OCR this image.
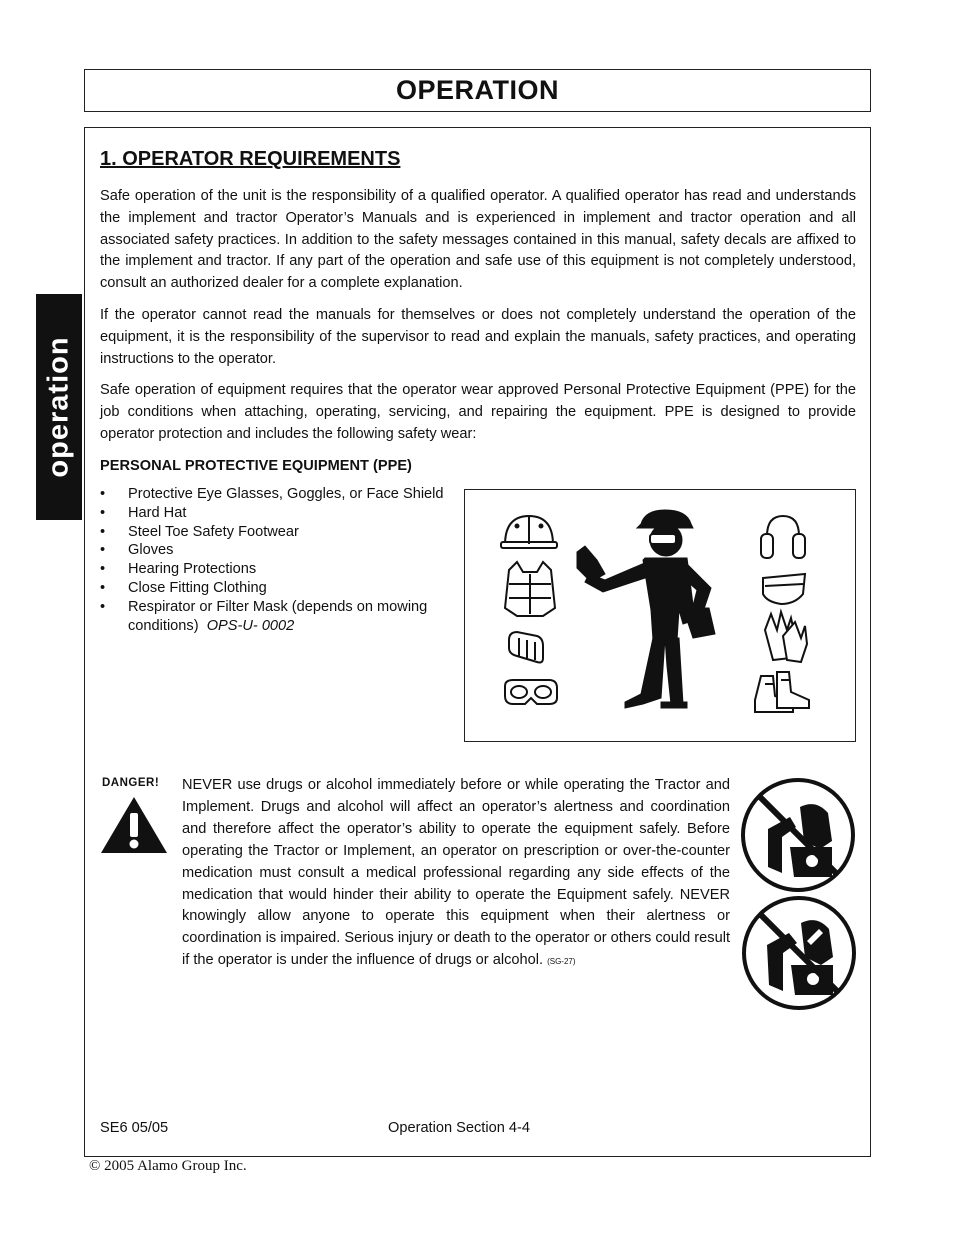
OPERATION
operation
1. OPERATOR REQUIREMENTS

Safe operation of the unit is the responsibility of a qualified operator. A qualified operator has read and understands the implement and tractor Operator’s Manuals and is experienced in implement and tractor operation and all associated safety practices. In addition to the safety messages contained in this manual, safety decals are affixed to the implement and tractor. If any part of the operation and safe use of this equipment is not completely understood, consult an authorized dealer for a complete explanation.

If the operator cannot read the manuals for themselves or does not completely understand the operation of the equipment, it is the responsibility of the supervisor to read and explain the manuals, safety practices, and operating instructions to the operator.

Safe operation of equipment requires that the operator wear approved Personal Protective Equipment (PPE) for the job conditions when attaching, operating, servicing, and repairing the equipment. PPE is designed to provide operator protection and includes the following safety wear:

PERSONAL PROTECTIVE EQUIPMENT (PPE)
• Protective Eye Glasses, Goggles, or Face Shield
• Hard Hat
• Steel Toe Safety Footwear
• Gloves
• Hearing Protections
• Close Fitting Clothing
• Respirator or Filter Mask (depends on mowing conditions) OPS-U- 0002
DANGER! NEVER use drugs or alcohol immediately before or while operating the Tractor and Implement. Drugs and alcohol will affect an operator’s alertness and coordination and therefore affect the operator’s ability to operate the equipment safely. Before operating the Tractor or Implement, an operator on prescription or over-the-counter medication must consult a medical professional regarding any side effects of the medication that would hinder their ability to operate the Equipment safely. NEVER knowingly allow anyone to operate this equipment when their alertness or coordination is impaired. Serious injury or death to the operator or others could result if the operator is under the influence of drugs or alcohol. (SG-27)

SE6 05/05	Operation Section 4-4
© 2005 Alamo Group Inc.
